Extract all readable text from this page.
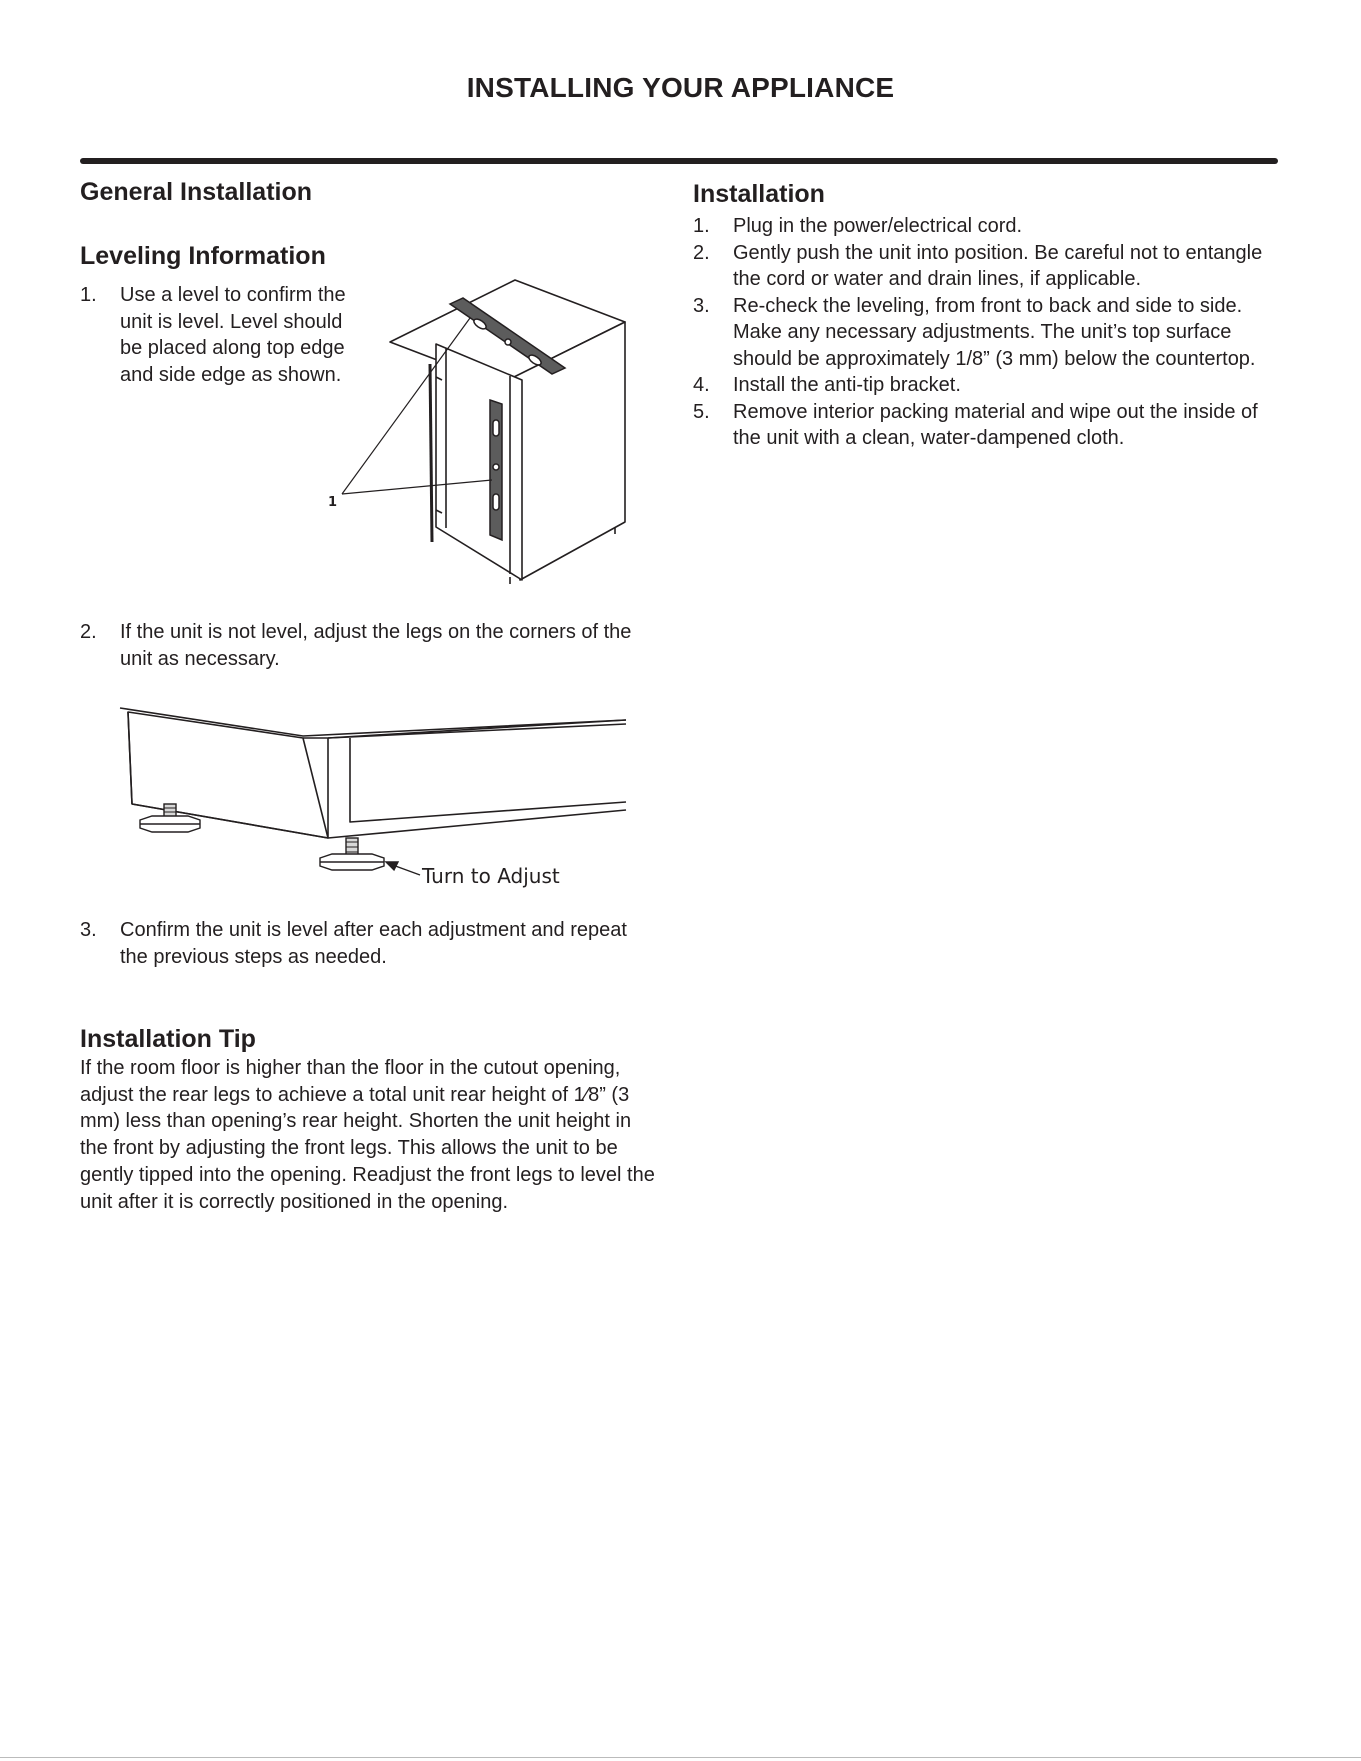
INSTALLING YOUR APPLIANCE
General Installation
Leveling Information
1. Use a level to confirm the unit is level. Level should be placed along top edge and side edge as shown.
1
2. If the unit is not level, adjust the legs on the corners of the unit as necessary.
Turn to Adjust
3. Confirm the unit is level after each adjustment and repeat the previous steps as needed.
Installation Tip

If the room floor is higher than the floor in the cutout opening, adjust the rear legs to achieve a total unit rear height of 1⁄8” (3 mm) less than opening’s rear height. Shorten the unit height in the front by adjusting the front legs. This allows the unit to be gently tipped into the opening. Readjust the front legs to level the unit after it is correctly positioned in the opening.

Installation
1. Plug in the power/electrical cord.
2. Gently push the unit into position. Be careful not to entangle the cord or water and drain lines, if applicable.
3. Re-check the leveling, from front to back and side to side. Make any necessary adjustments. The unit’s top surface should be approximately 1/8” (3 mm) below the countertop.
4. Install the anti-tip bracket.
5. Remove interior packing material and wipe out the inside of the unit with a clean, water-dampened cloth.
